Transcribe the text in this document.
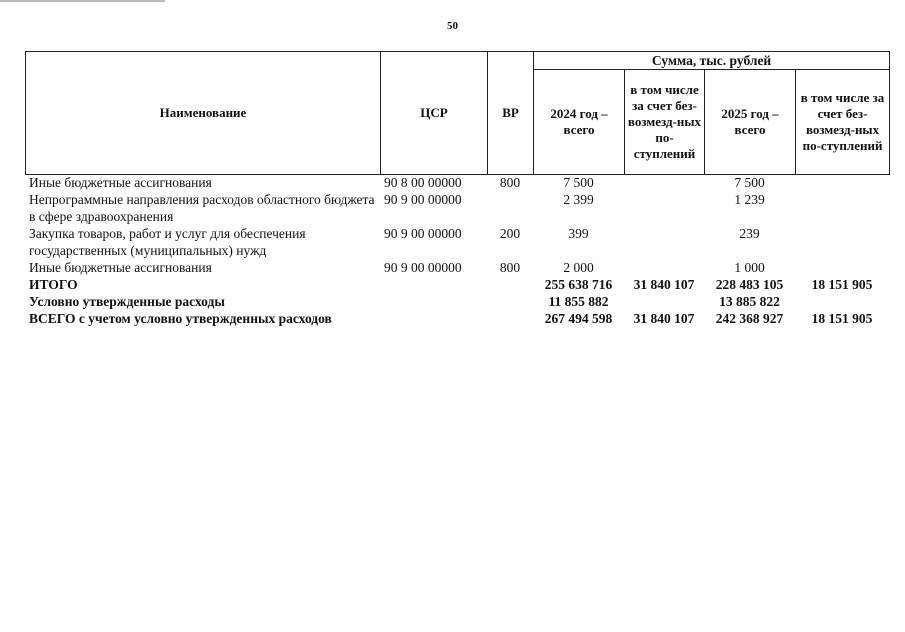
50
Наименование	ЦСР	ВР	Сумма, тыс. рублей			
			2024 год – всего	в том числе за счет без-возмезд-ных по-ступлений	2025 год – всего	в том числе за счет без-возмезд-ных по-ступлений
Иные бюджетные ассигнования	90 8 00 00000	800	7 500		7 500	
Непрограммные направления расходов областного бюджета в сфере здравоохранения	90 9 00 00000		2 399		1 239	
Закупка товаров, работ и услуг для обеспечения государственных (муниципальных) нужд	90 9 00 00000	200	399		239	
Иные бюджетные ассигнования	90 9 00 00000	800	2 000		1 000	
ИТОГО			255 638 716	31 840 107	228 483 105	18 151 905
Условно утвержденные расходы			11 855 882		13 885 822	
ВСЕГО с учетом условно утвержденных расходов			267 494 598	31 840 107	242 368 927	18 151 905
